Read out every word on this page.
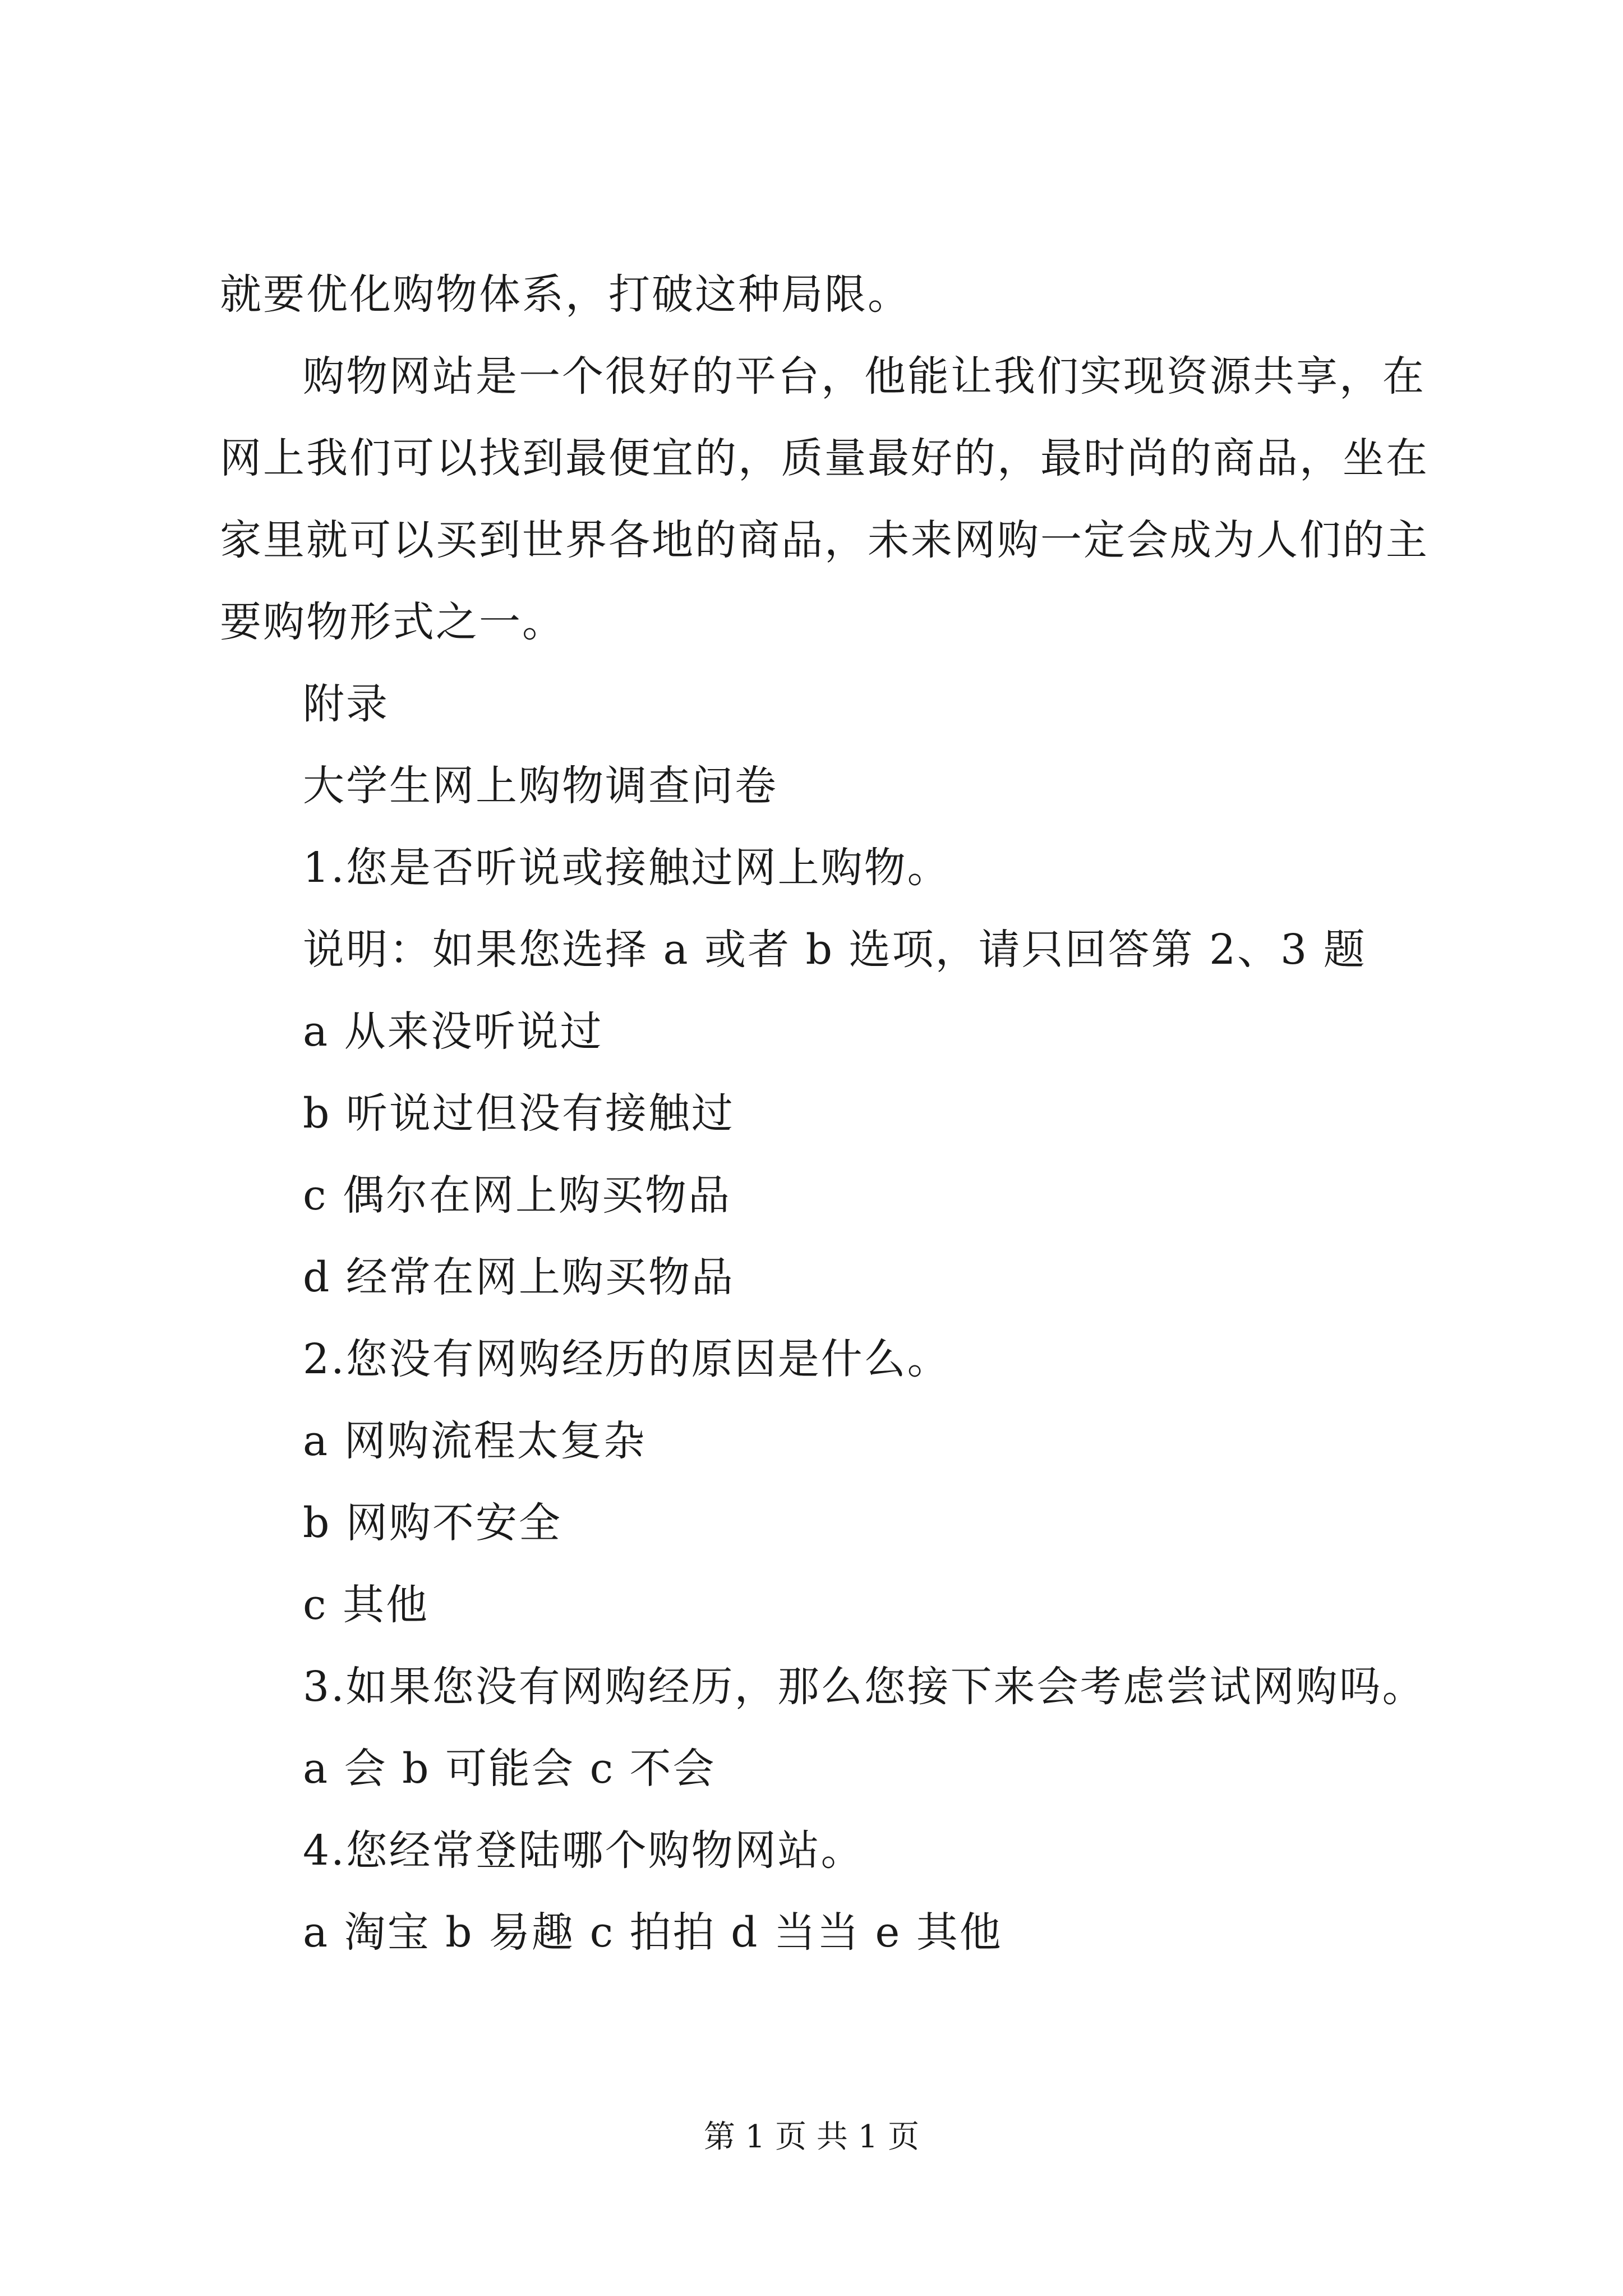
就要优化购物体系，打破这种局限。
购物网站是一个很好的平台，他能让我们实现资源共享，在
网上我们可以找到最便宜的，质量最好的，最时尚的商品，坐在
家里就可以买到世界各地的商品，未来网购一定会成为人们的主
要购物形式之一。
附录
大学生网上购物调查问卷
1.您是否听说或接触过网上购物。
说明：如果您选择 a 或者 b 选项，请只回答第 2、3 题
a 从来没听说过
b 听说过但没有接触过
c 偶尔在网上购买物品
d 经常在网上购买物品
2.您没有网购经历的原因是什么。
a 网购流程太复杂
b 网购不安全
c 其他
3.如果您没有网购经历，那么您接下来会考虑尝试网购吗。
a 会 b 可能会 c 不会
4.您经常登陆哪个购物网站。
a 淘宝 b 易趣 c 拍拍 d 当当 e 其他
第 1 页 共 1 页
